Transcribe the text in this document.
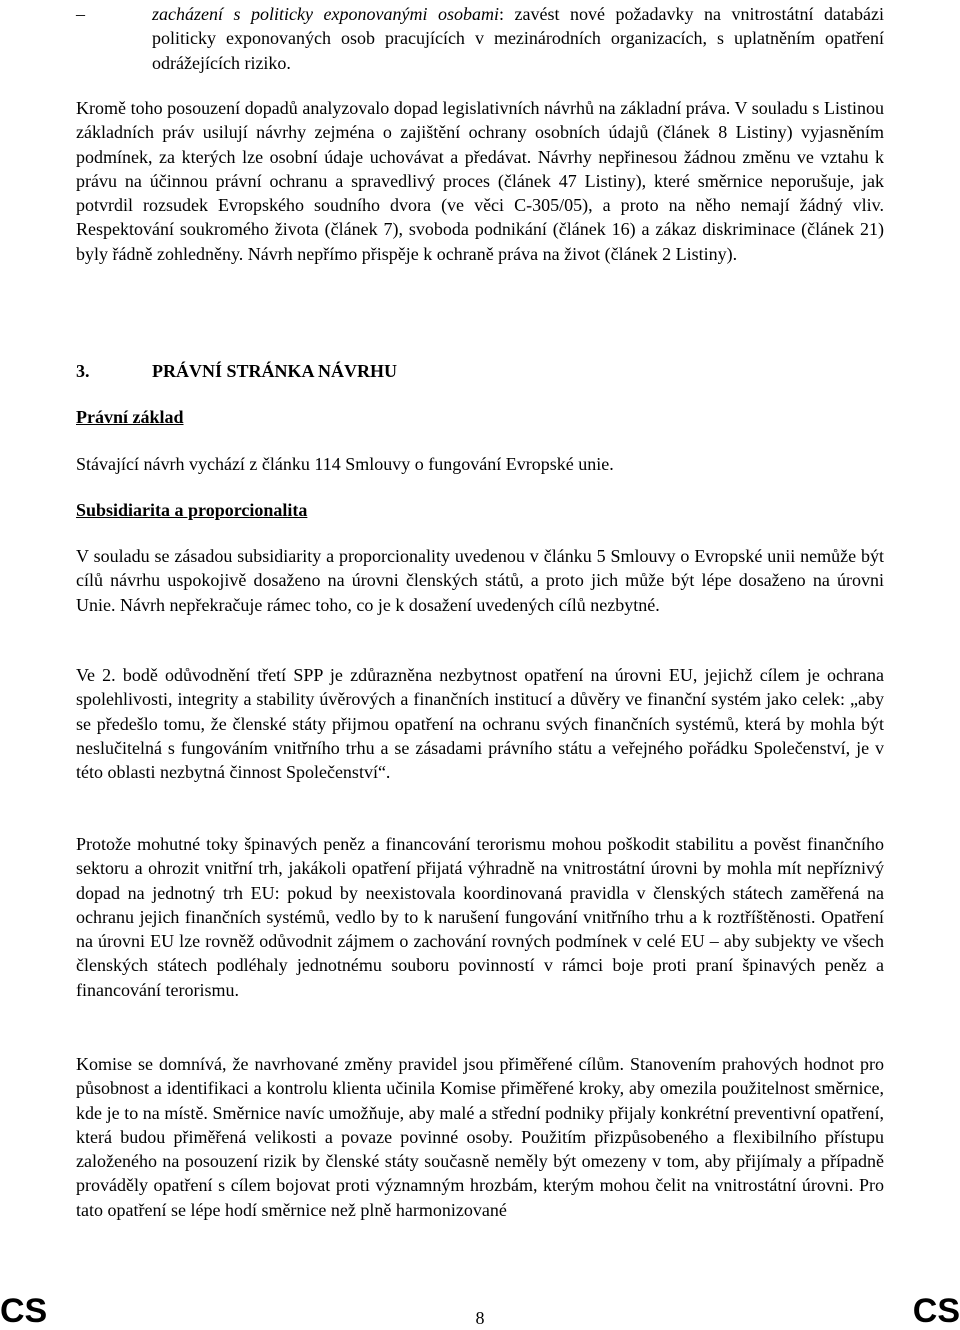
–	zacházení s politicky exponovanými osobami: zavést nové požadavky na vnitrostátní databázi politicky exponovaných osob pracujících v mezinárodních organizacích, s uplatněním opatření odrážejících riziko.

Kromě toho posouzení dopadů analyzovalo dopad legislativních návrhů na základní práva. V souladu s Listinou základních práv usilují návrhy zejména o zajištění ochrany osobních údajů (článek 8 Listiny) vyjasněním podmínek, za kterých lze osobní údaje uchovávat a předávat. Návrhy nepřinesou žádnou změnu ve vztahu k právu na účinnou právní ochranu a spravedlivý proces (článek 47 Listiny), které směrnice neporušuje, jak potvrdil rozsudek Evropského soudního dvora (ve věci C-305/05), a proto na něho nemají žádný vliv. Respektování soukromého života (článek 7), svoboda podnikání (článek 16) a zákaz diskriminace (článek 21) byly řádně zohledněny. Návrh nepřímo přispěje k ochraně práva na život (článek 2 Listiny).

3.	PRÁVNÍ STRÁNKA NÁVRHU
Právní základ

Stávající návrh vychází z článku 114 Smlouvy o fungování Evropské unie.

Subsidiarita a proporcionalita

V souladu se zásadou subsidiarity a proporcionality uvedenou v článku 5 Smlouvy o Evropské unii nemůže být cílů návrhu uspokojivě dosaženo na úrovni členských států, a proto jich může být lépe dosaženo na úrovni Unie. Návrh nepřekračuje rámec toho, co je k dosažení uvedených cílů nezbytné.

Ve 2. bodě odůvodnění třetí SPP je zdůrazněna nezbytnost opatření na úrovni EU, jejichž cílem je ochrana spolehlivosti, integrity a stability úvěrových a finančních institucí a důvěry ve finanční systém jako celek: „aby se předešlo tomu, že členské státy přijmou opatření na ochranu svých finančních systémů, která by mohla být neslučitelná s fungováním vnitřního trhu a se zásadami právního státu a veřejného pořádku Společenství, je v této oblasti nezbytná činnost Společenství“.

Protože mohutné toky špinavých peněz a financování terorismu mohou poškodit stabilitu a pověst finančního sektoru a ohrozit vnitřní trh, jakákoli opatření přijatá výhradně na vnitrostátní úrovni by mohla mít nepříznivý dopad na jednotný trh EU: pokud by neexistovala koordinovaná pravidla v členských státech zaměřená na ochranu jejich finančních systémů, vedlo by to k narušení fungování vnitřního trhu a k roztříštěnosti. Opatření na úrovni EU lze rovněž odůvodnit zájmem o zachování rovných podmínek v celé EU – aby subjekty ve všech členských státech podléhaly jednotnému souboru povinností v rámci boje proti praní špinavých peněz a financování terorismu.

Komise se domnívá, že navrhované změny pravidel jsou přiměřené cílům. Stanovením prahových hodnot pro působnost a identifikaci a kontrolu klienta učinila Komise přiměřené kroky, aby omezila použitelnost směrnice, kde je to na místě. Směrnice navíc umožňuje, aby malé a střední podniky přijaly konkrétní preventivní opatření, která budou přiměřená velikosti a povaze povinné osoby. Použitím přizpůsobeného a flexibilního přístupu založeného na posouzení rizik by členské státy současně neměly být omezeny v tom, aby přijímaly a případně prováděly opatření s cílem bojovat proti významným hrozbám, kterým mohou čelit na vnitrostátní úrovni. Pro tato opatření se lépe hodí směrnice než plně harmonizované

CS	8	CS
